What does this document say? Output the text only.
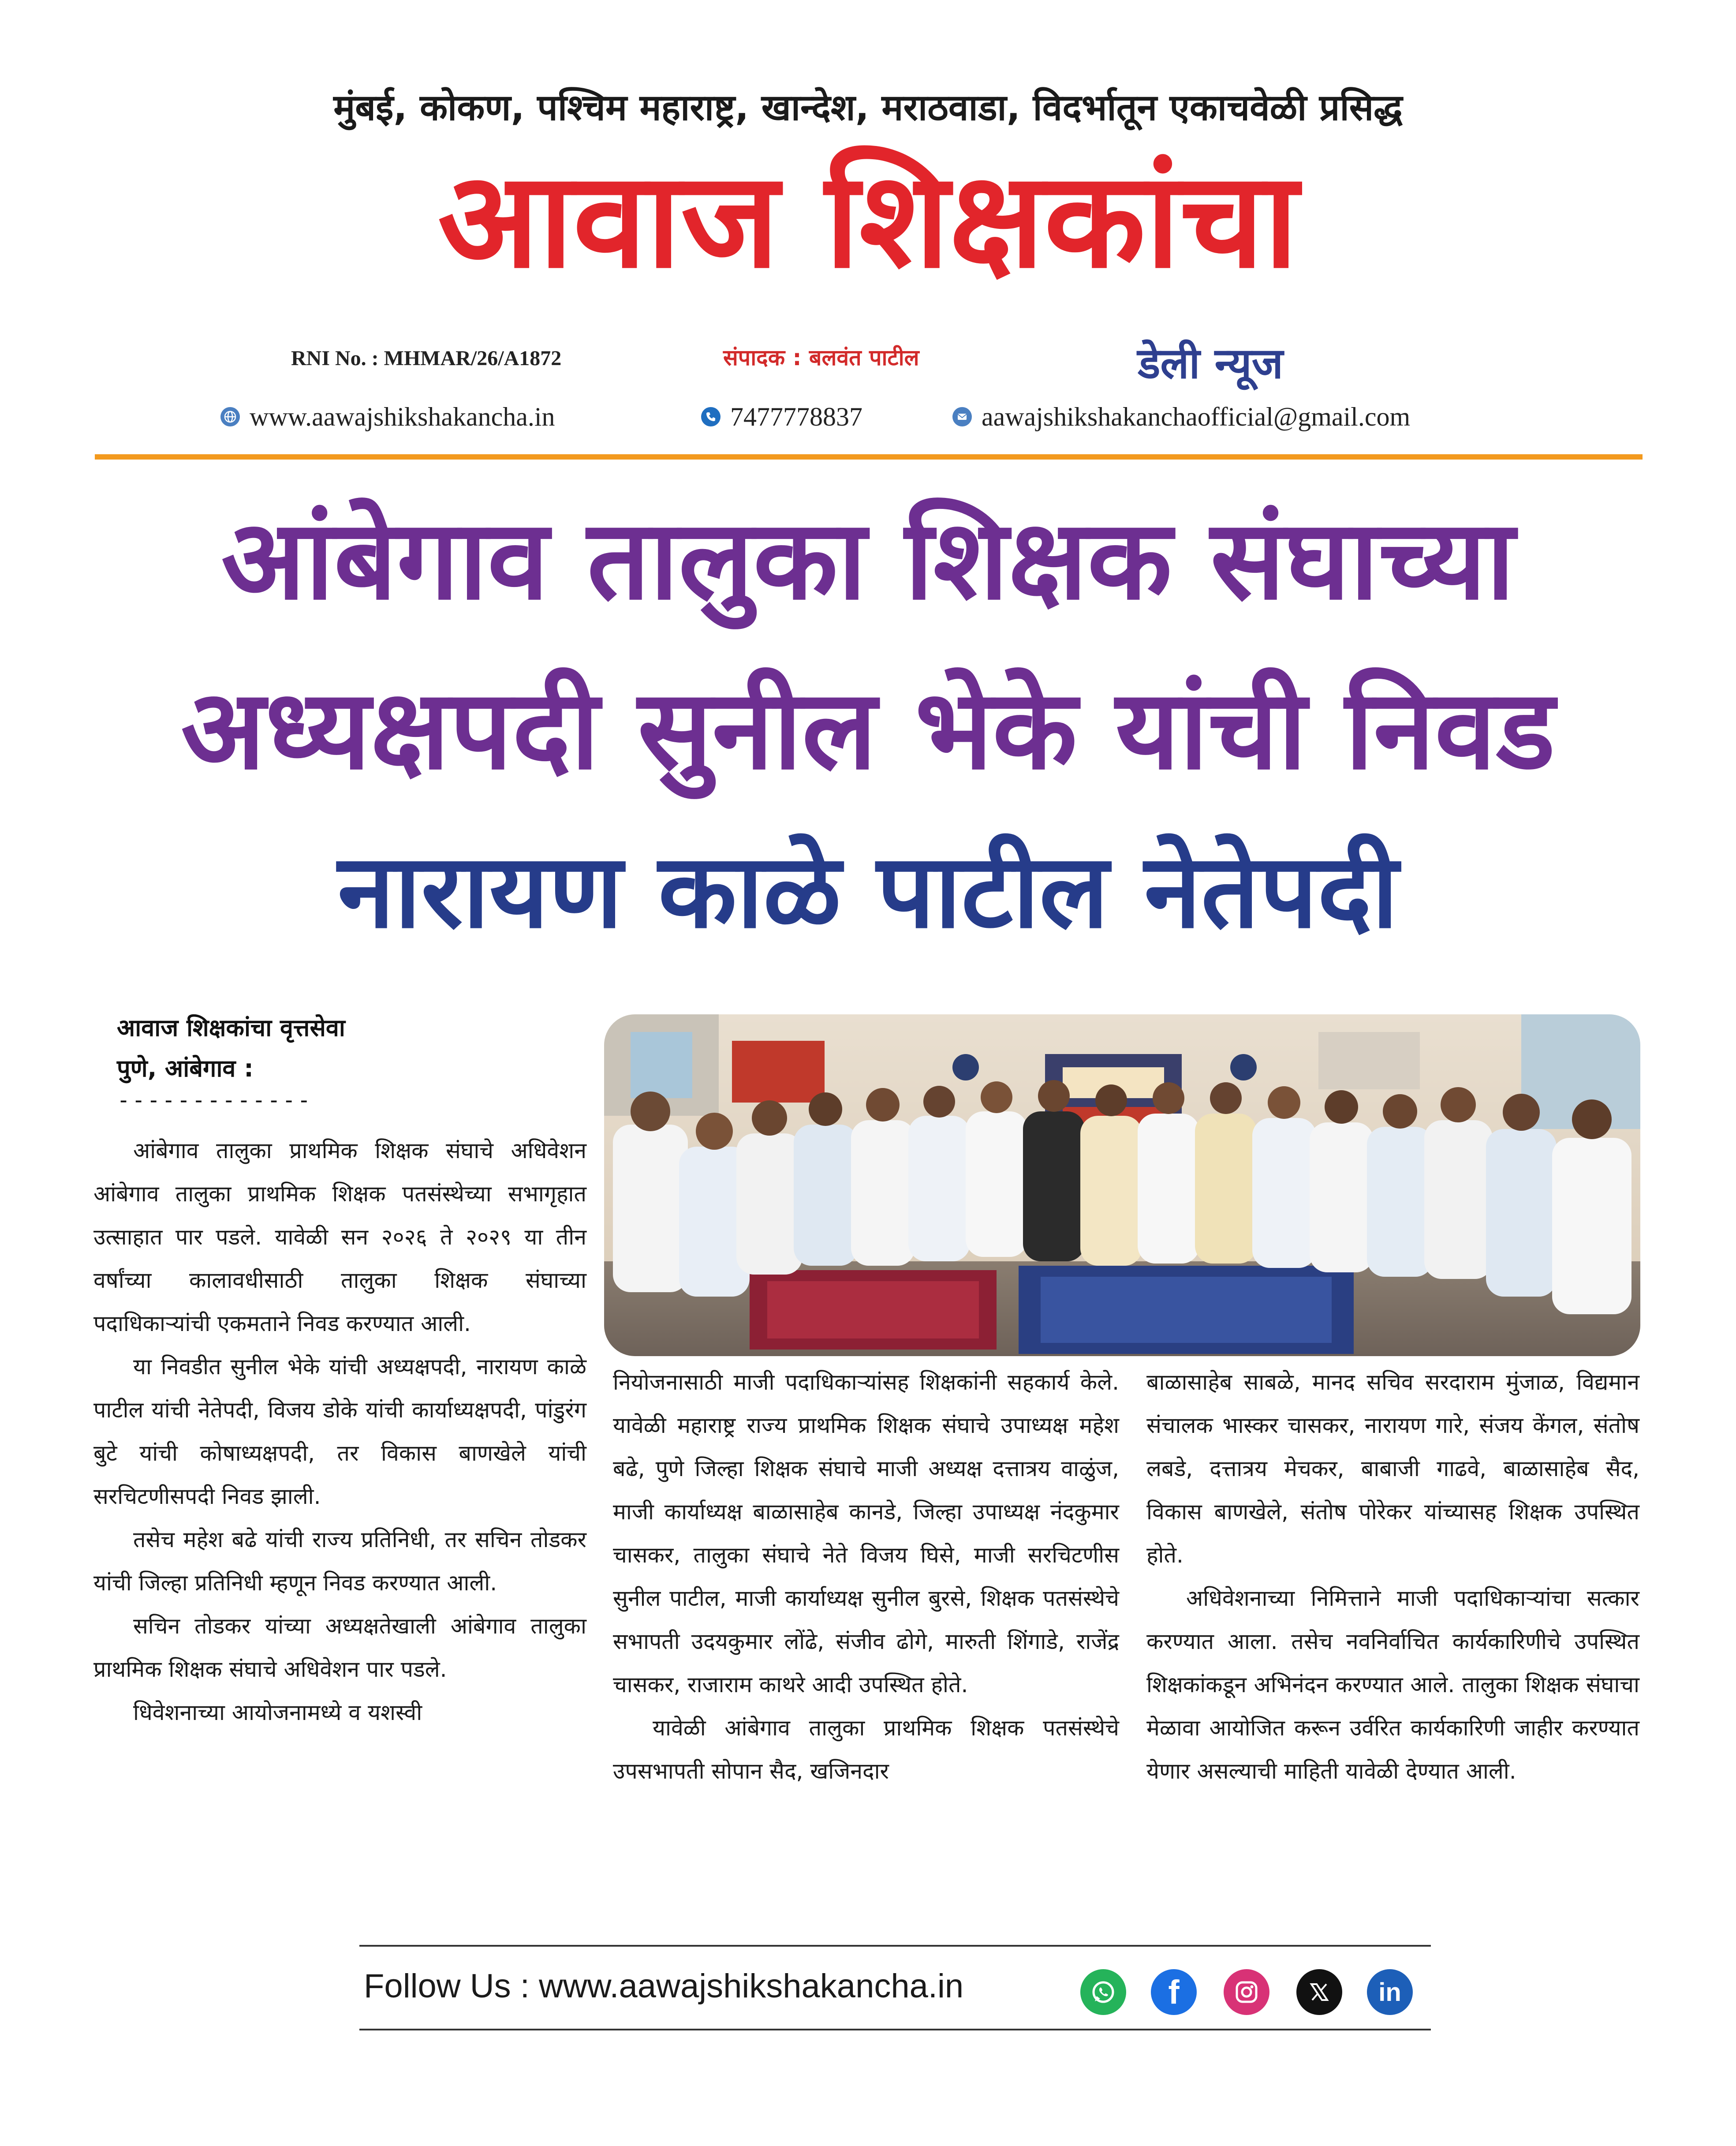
मुंबई, कोकण, पश्चिम महाराष्ट्र, खान्देश, मराठवाडा, विदर्भातून एकाचवेळी प्रसिद्ध
आवाज शिक्षकांचा
RNI No. : MHMAR/26/A1872	संपादक : बलवंत पाटील	डेली न्यूज
www.aawajshikshakancha.in	7477778837	aawajshikshakanchaofficial@gmail.com
आंबेगाव तालुका शिक्षक संघाच्या
अध्यक्षपदी सुनील भेके यांची निवड
नारायण काळे पाटील नेतेपदी
आवाज शिक्षकांचा वृत्तसेवा
पुणे, आंबेगाव :
-------------

आंबेगाव तालुका प्राथमिक शिक्षक संघाचे अधिवेशन आंबेगाव तालुका प्राथमिक शिक्षक पतसंस्थेच्या सभागृहात उत्साहात पार पडले. यावेळी सन २०२६ ते २०२९ या तीन वर्षांच्या कालावधीसाठी तालुका शिक्षक संघाच्या पदाधिकाऱ्यांची एकमताने निवड करण्यात आली.

या निवडीत सुनील भेके यांची अध्यक्षपदी, नारायण काळे पाटील यांची नेतेपदी, विजय डोके यांची कार्याध्यक्षपदी, पांडुरंग बुटे यांची कोषाध्यक्षपदी, तर विकास बाणखेले यांची सरचिटणीसपदी निवड झाली.

तसेच महेश बढे यांची राज्य प्रतिनिधी, तर सचिन तोडकर यांची जिल्हा प्रतिनिधी म्हणून निवड करण्यात आली.

सचिन तोडकर यांच्या अध्यक्षतेखाली आंबेगाव तालुका प्राथमिक शिक्षक संघाचे अधिवेशन पार पडले.

धिवेशनाच्या आयोजनामध्ये व यशस्वी

नियोजनासाठी माजी पदाधिकाऱ्यांसह शिक्षकांनी सहकार्य केले. यावेळी महाराष्ट्र राज्य प्राथमिक शिक्षक संघाचे उपाध्यक्ष महेश बढे, पुणे जिल्हा शिक्षक संघाचे माजी अध्यक्ष दत्तात्रय वाळुंज, माजी कार्याध्यक्ष बाळासाहेब कानडे, जिल्हा उपाध्यक्ष नंदकुमार चासकर, तालुका संघाचे नेते विजय घिसे, माजी सरचिटणीस सुनील पाटील, माजी कार्याध्यक्ष सुनील बुरसे, शिक्षक पतसंस्थेचे सभापती उदयकुमार लोंढे, संजीव ढोगे, मारुती शिंगाडे, राजेंद्र चासकर, राजाराम काथरे आदी उपस्थित होते.

यावेळी आंबेगाव तालुका प्राथमिक शिक्षक पतसंस्थेचे उपसभापती सोपान सैद, खजिनदार

बाळासाहेब साबळे, मानद सचिव सरदाराम मुंजाळ, विद्यमान संचालक भास्कर चासकर, नारायण गारे, संजय केंगल, संतोष लबडे, दत्तात्रय मेचकर, बाबाजी गाढवे, बाळासाहेब सैद, विकास बाणखेले, संतोष पोरेकर यांच्यासह शिक्षक उपस्थित होते.

अधिवेशनाच्या निमित्ताने माजी पदाधिकाऱ्यांचा सत्कार करण्यात आला. तसेच नवनिर्वाचित कार्यकारिणीचे उपस्थित शिक्षकांकडून अभिनंदन करण्यात आले. तालुका शिक्षक संघाचा मेळावा आयोजित करून उर्वरित कार्यकारिणी जाहीर करण्यात येणार असल्याची माहिती यावेळी देण्यात आली.

Follow Us : www.aawajshikshakancha.in	f	in
